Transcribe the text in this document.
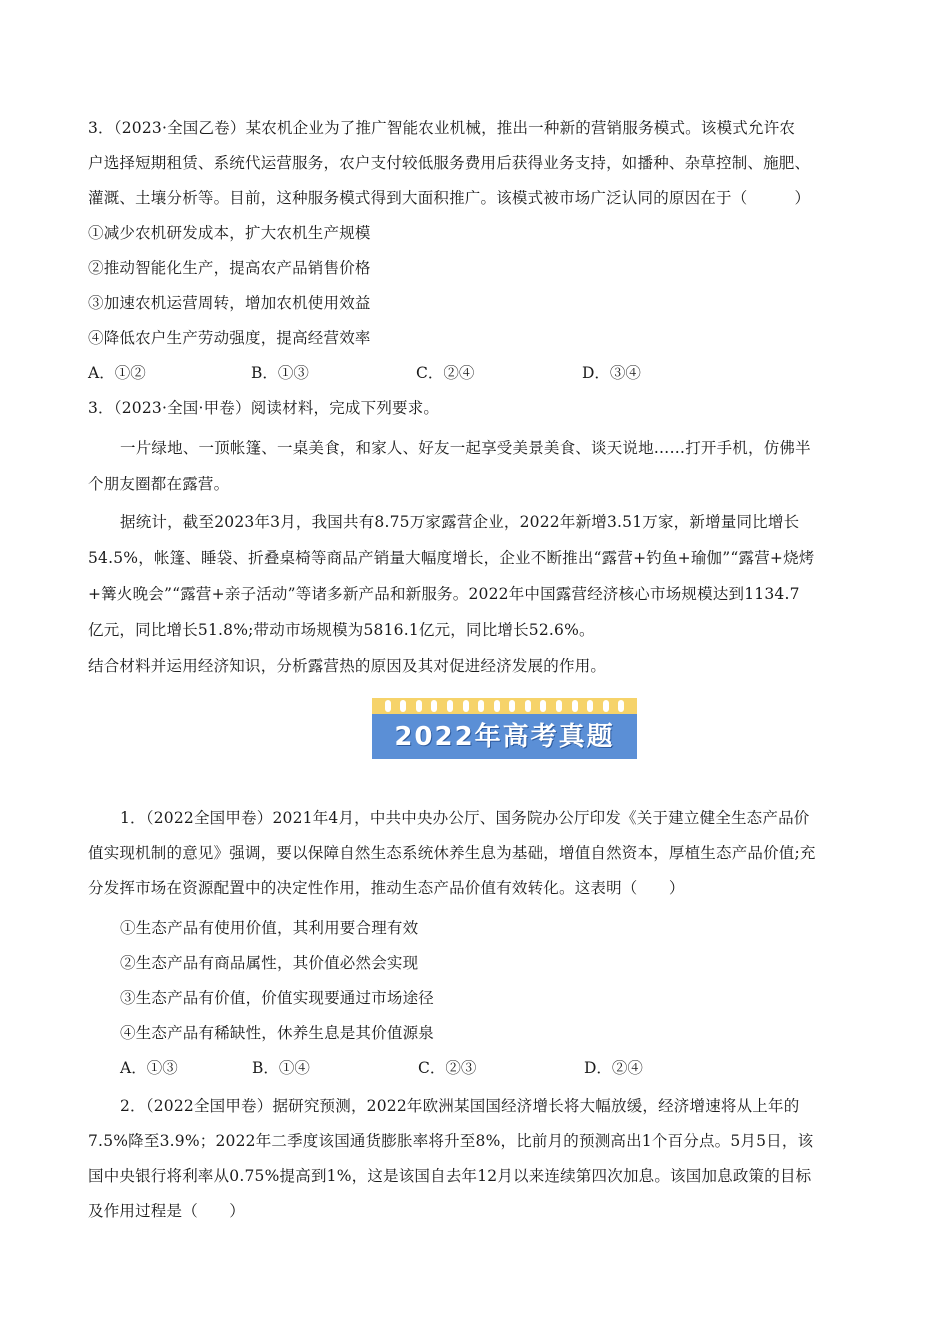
3．（2023·全国乙卷）某农机企业为了推广智能农业机械，推出一种新的营销服务模式。该模式允许农
户选择短期租赁、系统代运营服务，农户支付较低服务费用后获得业务支持，如播种、杂草控制、施肥、
灌溉、土壤分析等。目前，这种服务模式得到大面积推广。该模式被市场广泛认同的原因在于（　　　）
①减少农机研发成本，扩大农机生产规模
②推动智能化生产，提高农产品销售价格
③加速农机运营周转，增加农机使用效益
④降低农户生产劳动强度，提高经营效率
A．①②	B．①③	C．②④	D．③④
3．（2023·全国·甲卷）阅读材料，完成下列要求。
一片绿地、一顶帐篷、一桌美食，和家人、好友一起享受美景美食、谈天说地……打开手机，仿佛半
个朋友圈都在露营。
据统计，截至2023年3月，我国共有8.75万家露营企业，2022年新增3.51万家，新增量同比增长
54.5%，帐篷、睡袋、折叠桌椅等商品产销量大幅度增长，企业不断推出“露营+钓鱼+瑜伽”“露营+烧烤
+篝火晚会”“露营+亲子活动”等诸多新产品和新服务。2022年中国露营经济核心市场规模达到1134.7
亿元，同比增长51.8%;带动市场规模为5816.1亿元，同比增长52.6%。
结合材料并运用经济知识，分析露营热的原因及其对促进经济发展的作用。
2022年高考真题
1．（2022全国甲卷）2021年4月，中共中央办公厅、国务院办公厅印发《关于建立健全生态产品价
值实现机制的意见》强调，要以保障自然生态系统休养生息为基础，增值自然资本，厚植生态产品价值;充
分发挥市场在资源配置中的决定性作用，推动生态产品价值有效转化。这表明（　　）
①生态产品有使用价值，其利用要合理有效
②生态产品有商品属性，其价值必然会实现
③生态产品有价值，价值实现要通过市场途径
④生态产品有稀缺性，休养生息是其价值源泉
A．①③	B．①④	C．②③	D．②④
2．（2022全国甲卷）据研究预测，2022年欧洲某国国经济增长将大幅放缓，经济增速将从上年的
7.5%降至3.9%；2022年二季度该国通货膨胀率将升至8%，比前月的预测高出1个百分点。5月5日，该
国中央银行将利率从0.75%提高到1%，这是该国自去年12月以来连续第四次加息。该国加息政策的目标
及作用过程是（　　）
